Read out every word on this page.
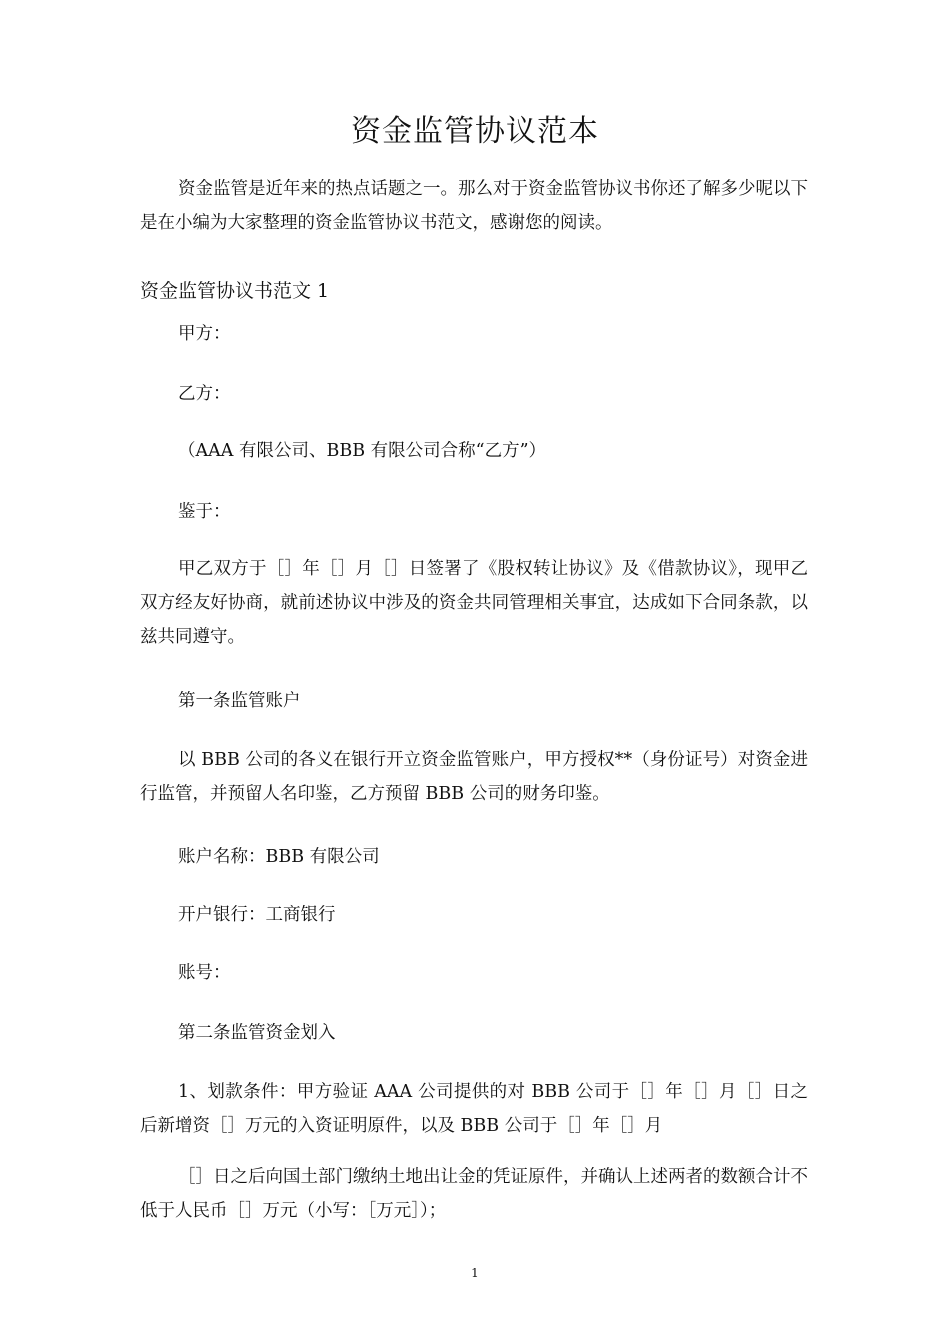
资金监管协议范本
资金监管是近年来的热点话题之一。那么对于资金监管协议书你还了解多少呢以下是在小编为大家整理的资金监管协议书范文，感谢您的阅读。
资金监管协议书范文 1
甲方：
乙方：
（AAA 有限公司、BBB 有限公司合称“乙方”）
鉴于：
甲乙双方于［］年［］月［］日签署了《股权转让协议》及《借款协议》，现甲乙双方经友好协商，就前述协议中涉及的资金共同管理相关事宜，达成如下合同条款，以兹共同遵守。
第一条监管账户
以 BBB 公司的各义在银行开立资金监管账户，甲方授权**（身份证号）对资金进行监管，并预留人名印鉴，乙方预留 BBB 公司的财务印鉴。
账户名称：BBB 有限公司
开户银行：工商银行
账号：
第二条监管资金划入
1、划款条件：甲方验证 AAA 公司提供的对 BBB 公司于［］年［］月［］日之后新增资［］万元的入资证明原件，以及 BBB 公司于［］年［］月
［］日之后向国土部门缴纳土地出让金的凭证原件，并确认上述两者的数额合计不低于人民币［］万元（小写：［万元］）；
1
